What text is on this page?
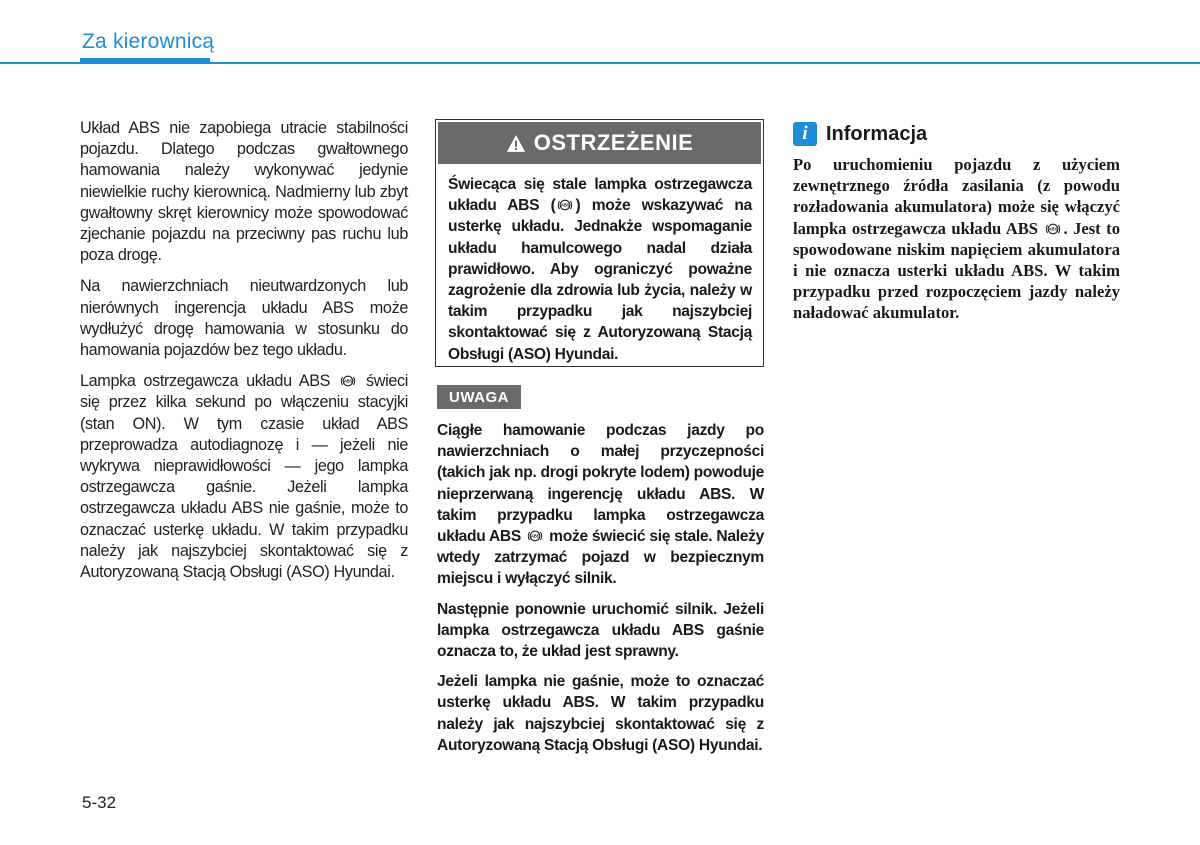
Za kierownicą

Układ ABS nie zapobiega utracie stabilności pojazdu. Dlatego podczas gwałtownego hamowania należy wykonywać jedynie niewielkie ruchy kierownicą. Nadmierny lub zbyt gwałtowny skręt kierownicy może spowodować zjechanie pojazdu na przeciwny pas ruchu lub poza drogę.

Na nawierzchniach nieutwardzonych lub nierównych ingerencja układu ABS może wydłużyć drogę hamowania w stosunku do hamowania pojazdów bez tego układu.

Lampka ostrzegawcza układu ABS ABS świeci się przez kilka sekund po włączeniu stacyjki (stan ON). W tym czasie układ ABS przeprowadza autodiagnozę i — jeżeli nie wykrywa nieprawidłowości — jego lampka ostrzegawcza gaśnie. Jeżeli lampka ostrzegawcza układu ABS nie gaśnie, może to oznaczać usterkę układu. W takim przypadku należy jak najszybciej skontaktować się z Autoryzowaną Stacją Obsługi (ASO) Hyundai.

OSTRZEŻENIE
Świecąca się stale lampka ostrzegawcza układu ABS ( ABS ) może wskazywać na usterkę układu. Jednakże wspomaganie układu hamulcowego nadal działa prawidłowo. Aby ograniczyć poważne zagrożenie dla zdrowia lub życia, należy w takim przypadku jak najszybciej skontaktować się z Autoryzowaną Stacją Obsługi (ASO) Hyundai.
UWAGA

Ciągłe hamowanie podczas jazdy po nawierzchniach o małej przyczepności (takich jak np. drogi pokryte lodem) powoduje nieprzerwaną ingerencję układu ABS. W takim przypadku lampka ostrzegawcza układu ABS ABS może świecić się stale. Należy wtedy zatrzymać pojazd w bezpiecznym miejscu i wyłączyć silnik.

Następnie ponownie uruchomić silnik. Jeżeli lampka ostrzegawcza układu ABS gaśnie oznacza to, że układ jest sprawny.

Jeżeli lampka nie gaśnie, może to oznaczać usterkę układu ABS. W takim przypadku należy jak najszybciej skontaktować się z Autoryzowaną Stacją Obsługi (ASO) Hyundai.

i Informacja
Po uruchomieniu pojazdu z użyciem zewnętrznego źródła zasilania (z powodu rozładowania akumulatora) może się włączyć lampka ostrzegawcza układu ABS ABS . Jest to spowodowane niskim napięciem akumulatora i nie oznacza usterki układu ABS. W takim przypadku przed rozpoczęciem jazdy należy naładować akumulator.
5-32
